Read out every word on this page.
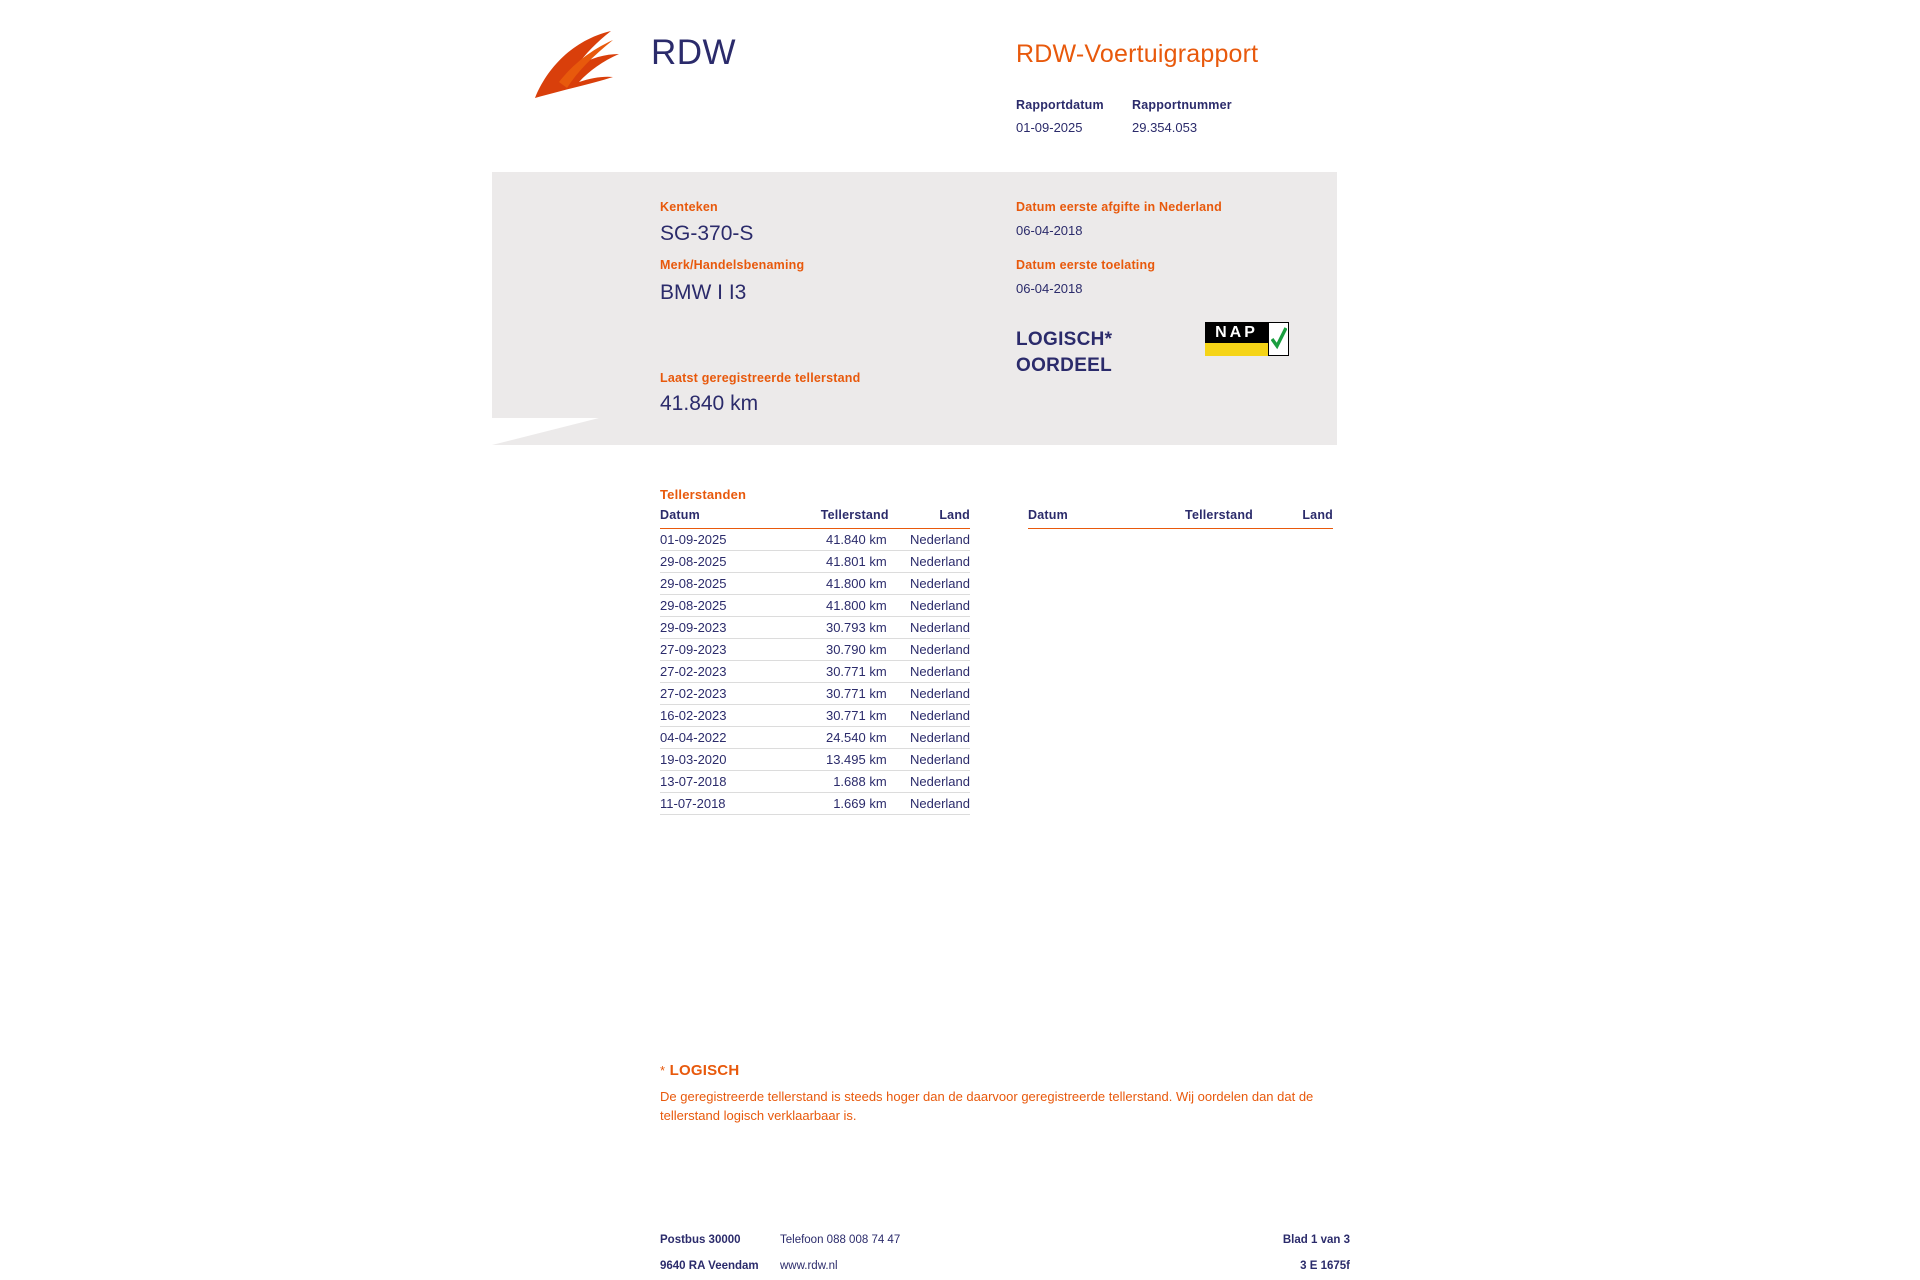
RDW	RDW-Voertuigrapport
Rapportdatum
01-09-2025
Rapportnummer
29.354.053
Kenteken
SG-370-S
Merk/Handelsbenaming
BMW I I3
Laatst geregistreerde tellerstand
41.840 km
Datum eerste afgifte in Nederland
06-04-2018
Datum eerste toelating
06-04-2018
LOGISCH*
OORDEEL
NAP
Tellerstanden
Datum	Tellerstand	Land
01-09-2025	41.840 km	Nederland
29-08-2025	41.801 km	Nederland
29-08-2025	41.800 km	Nederland
29-08-2025	41.800 km	Nederland
29-09-2023	30.793 km	Nederland
27-09-2023	30.790 km	Nederland
27-02-2023	30.771 km	Nederland
27-02-2023	30.771 km	Nederland
16-02-2023	30.771 km	Nederland
04-04-2022	24.540 km	Nederland
19-03-2020	13.495 km	Nederland
13-07-2018	1.688 km	Nederland
11-07-2018	1.669 km	Nederland
Datum	Tellerstand	Land
* LOGISCH
De geregistreerde tellerstand is steeds hoger dan de daarvoor geregistreerde tellerstand. Wij oordelen dan dat de tellerstand logisch verklaarbaar is.
Postbus 30000	Telefoon 088 008 74 47
9640 RA Veendam www.rdw.nl
Blad 1 van 3
3 E 1675f
